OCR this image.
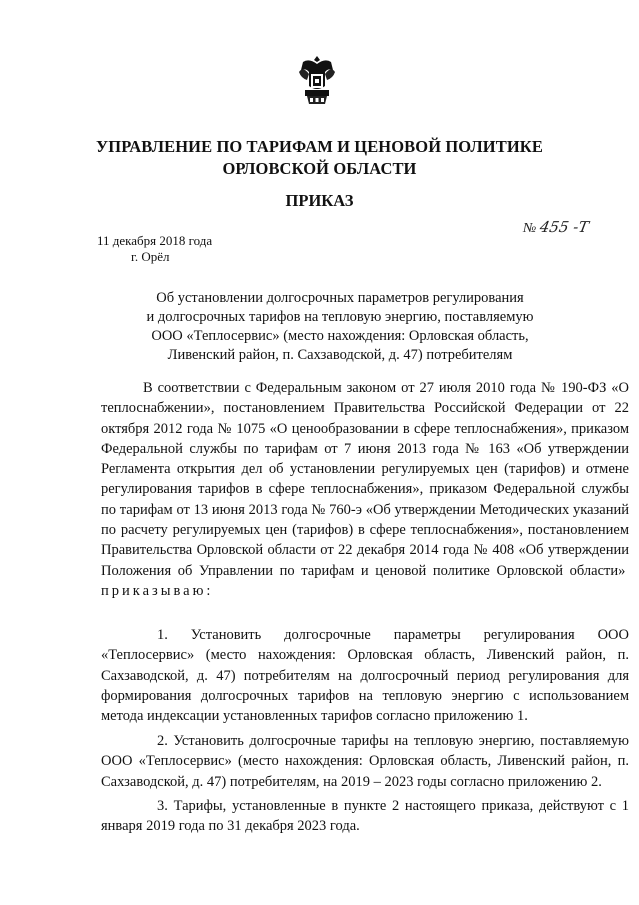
УПРАВЛЕНИЕ ПО ТАРИФАМ И ЦЕНОВОЙ ПОЛИТИКЕ
ОРЛОВСКОЙ ОБЛАСТИ
ПРИКАЗ
№ 455 -Т
11 декабря 2018 года
г. Орёл
Об установлении долгосрочных параметров регулирования
и долгосрочных тарифов на тепловую энергию, поставляемую
ООО «Теплосервис» (место нахождения: Орловская область,
Ливенский район, п. Сахзаводской, д. 47) потребителям

В соответствии с Федеральным законом от 27 июля 2010 года № 190-ФЗ «О теплоснабжении», постановлением Правительства Российской Федерации от 22 октября 2012 года № 1075 «О ценообразовании в сфере теплоснабжения», приказом Федеральной службы по тарифам от 7 июня 2013 года № 163 «Об утверждении Регламента открытия дел об установлении регулируемых цен (тарифов) и отмене регулирования тарифов в сфере теплоснабжения», приказом Федеральной службы по тарифам от 13 июня 2013 года № 760-э «Об утверждении Методических указаний по расчету регулируемых цен (тарифов) в сфере теплоснабжения», постановлением Правительства Орловской области от 22 декабря 2014 года № 408 «Об утверждении Положения об Управлении по тарифам и ценовой политике Орловской области»  приказываю:

1. Установить долгосрочные параметры регулирования ООО «Теплосервис» (место нахождения: Орловская область, Ливенский район, п. Сахзаводской, д. 47) потребителям на долгосрочный период регулирования для формирования долгосрочных тарифов на тепловую энергию с использованием метода индексации установленных тарифов согласно приложению 1.

2. Установить долгосрочные тарифы на тепловую энергию, поставляемую ООО «Теплосервис» (место нахождения: Орловская область, Ливенский район, п. Сахзаводской, д. 47) потребителям, на 2019 – 2023 годы согласно приложению 2.

3. Тарифы, установленные в пункте 2 настоящего приказа, действуют с 1 января 2019 года по 31 декабря 2023 года.
